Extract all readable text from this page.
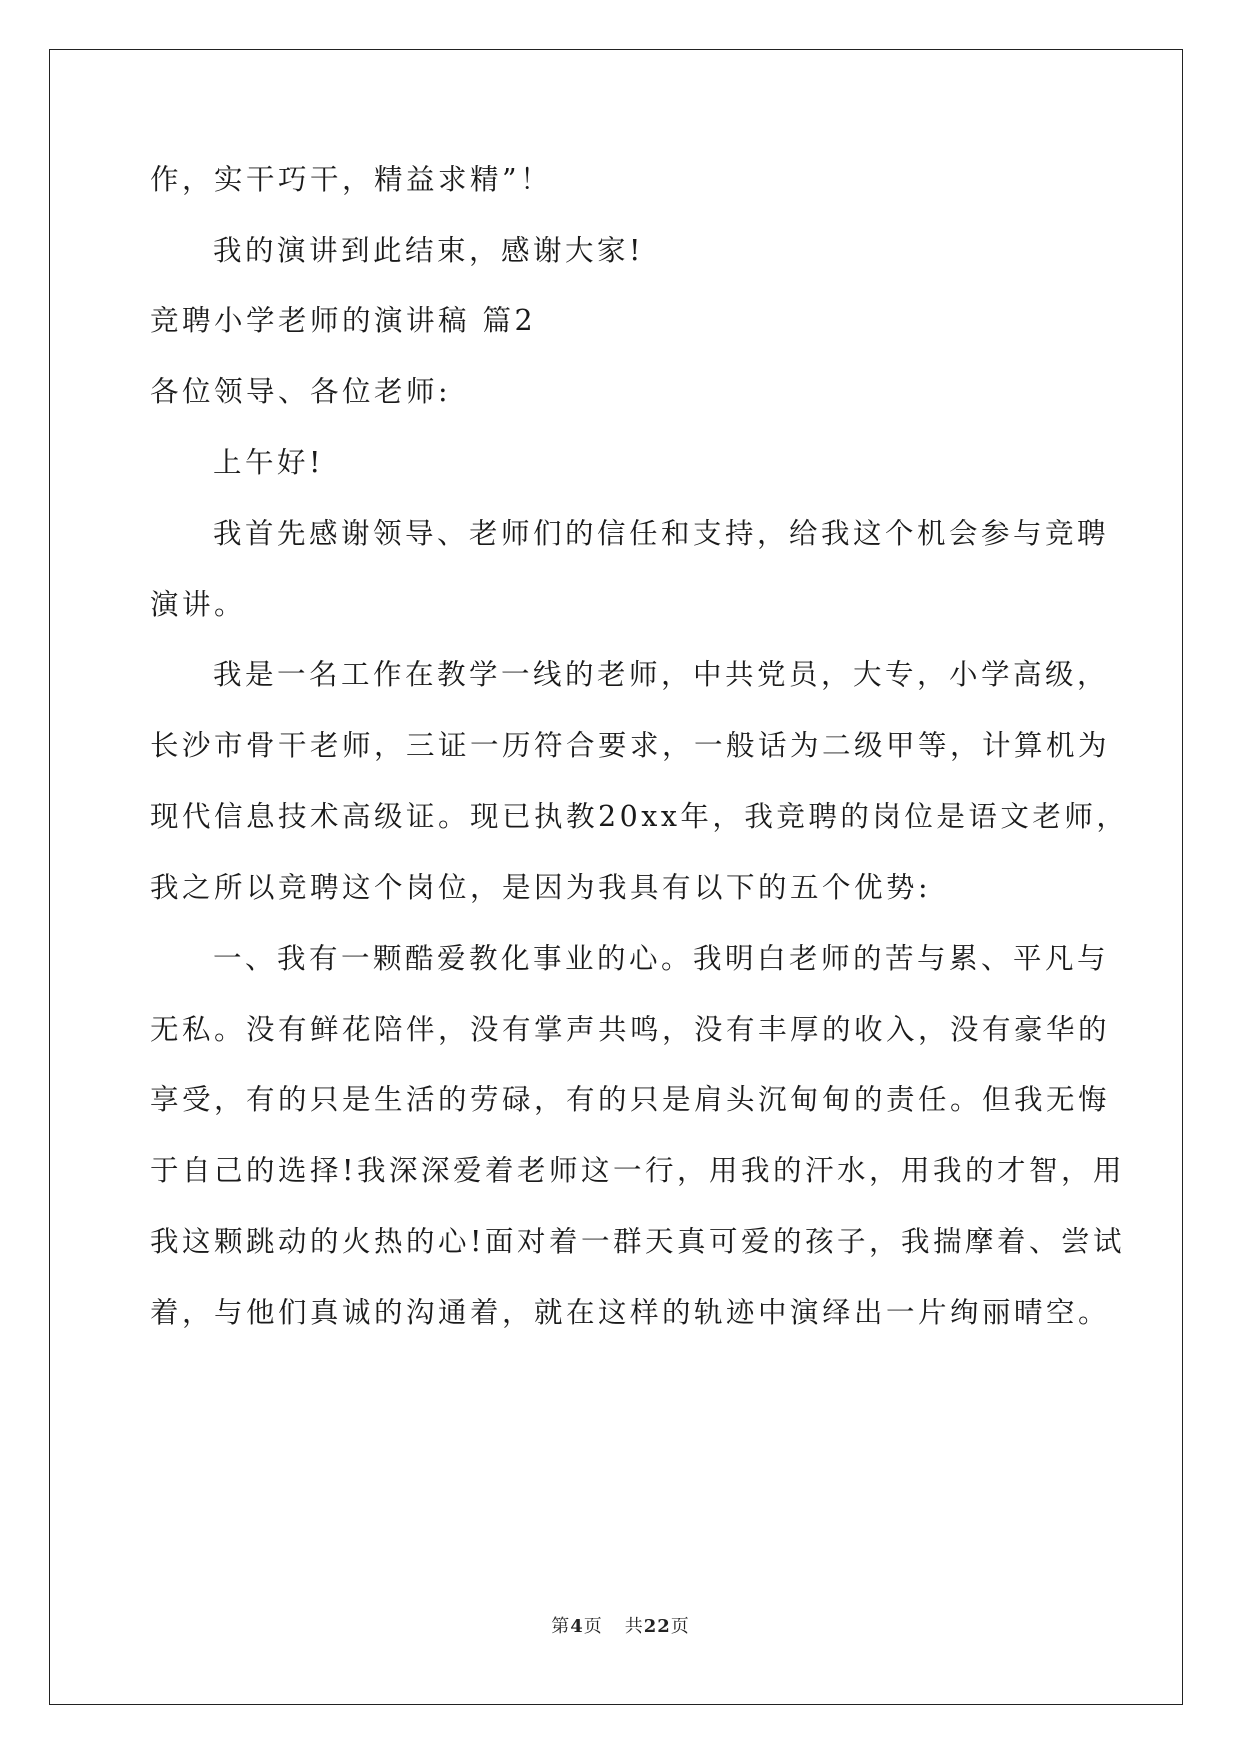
作，实干巧干，精益求精”！
我的演讲到此结束，感谢大家!
竞聘小学老师的演讲稿 篇2
各位领导、各位老师:
上午好!
我首先感谢领导、老师们的信任和支持，给我这个机会参与竞聘
演讲。
我是一名工作在教学一线的老师，中共党员，大专，小学高级，
长沙市骨干老师，三证一历符合要求，一般话为二级甲等，计算机为
现代信息技术高级证。现已执教20xx年，我竞聘的岗位是语文老师，
我之所以竞聘这个岗位，是因为我具有以下的五个优势:
一、我有一颗酷爱教化事业的心。我明白老师的苦与累、平凡与
无私。没有鲜花陪伴，没有掌声共鸣，没有丰厚的收入，没有豪华的
享受，有的只是生活的劳碌，有的只是肩头沉甸甸的责任。但我无悔
于自己的选择!我深深爱着老师这一行，用我的汗水，用我的才智，用
我这颗跳动的火热的心!面对着一群天真可爱的孩子，我揣摩着、尝试
着，与他们真诚的沟通着，就在这样的轨迹中演绎出一片绚丽晴空。
第4页 共22页
